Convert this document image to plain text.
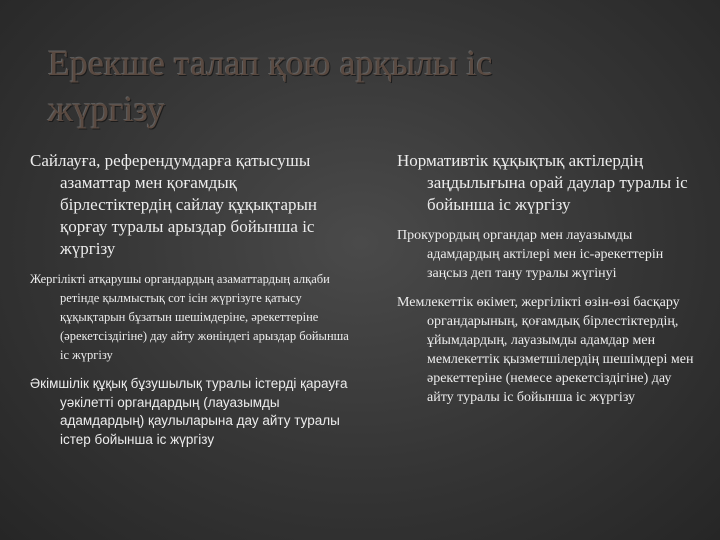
Ерекше талап қою арқылы іс
жүргізу

Сайлауға, референдумдарға қатысушы азаматтар мен қоғамдық бірлестіктердің сайлау құқықтарын қорғау туралы арыздар бойынша іс жүргізу

Жергілікті атқарушы органдардың азаматтардың алқаби ретінде қылмыстық сот ісін жүргізуге қатысу құқықтарын бұзатын шешімдеріне, әрекеттеріне (әрекетсіздігіне) дау айту жөніндегі арыздар бойынша іс жүргізу

Әкімшілік құқық бұзушылық туралы істерді қарауға уәкілетті органдардың (лауазымды адамдардың) қаулыларына дау айту туралы істер бойынша іс жүргізу

Нормативтік құқықтық актілердің заңдылығына орай даулар туралы іс бойынша іс жүргізу

Прокурордың органдар мен лауазымды адамдардың актілері мен іс-әрекеттерін заңсыз деп тану туралы жүгінуі

Мемлекеттік өкімет, жергілікті өзін-өзі басқару органдарының, қоғамдық бірлестіктердің, ұйымдардың, лауазымды адамдар мен мемлекеттік қызметшілердің шешімдері мен әрекеттеріне (немесе әрекетсіздігіне) дау айту туралы іс бойынша іс жүргізу
